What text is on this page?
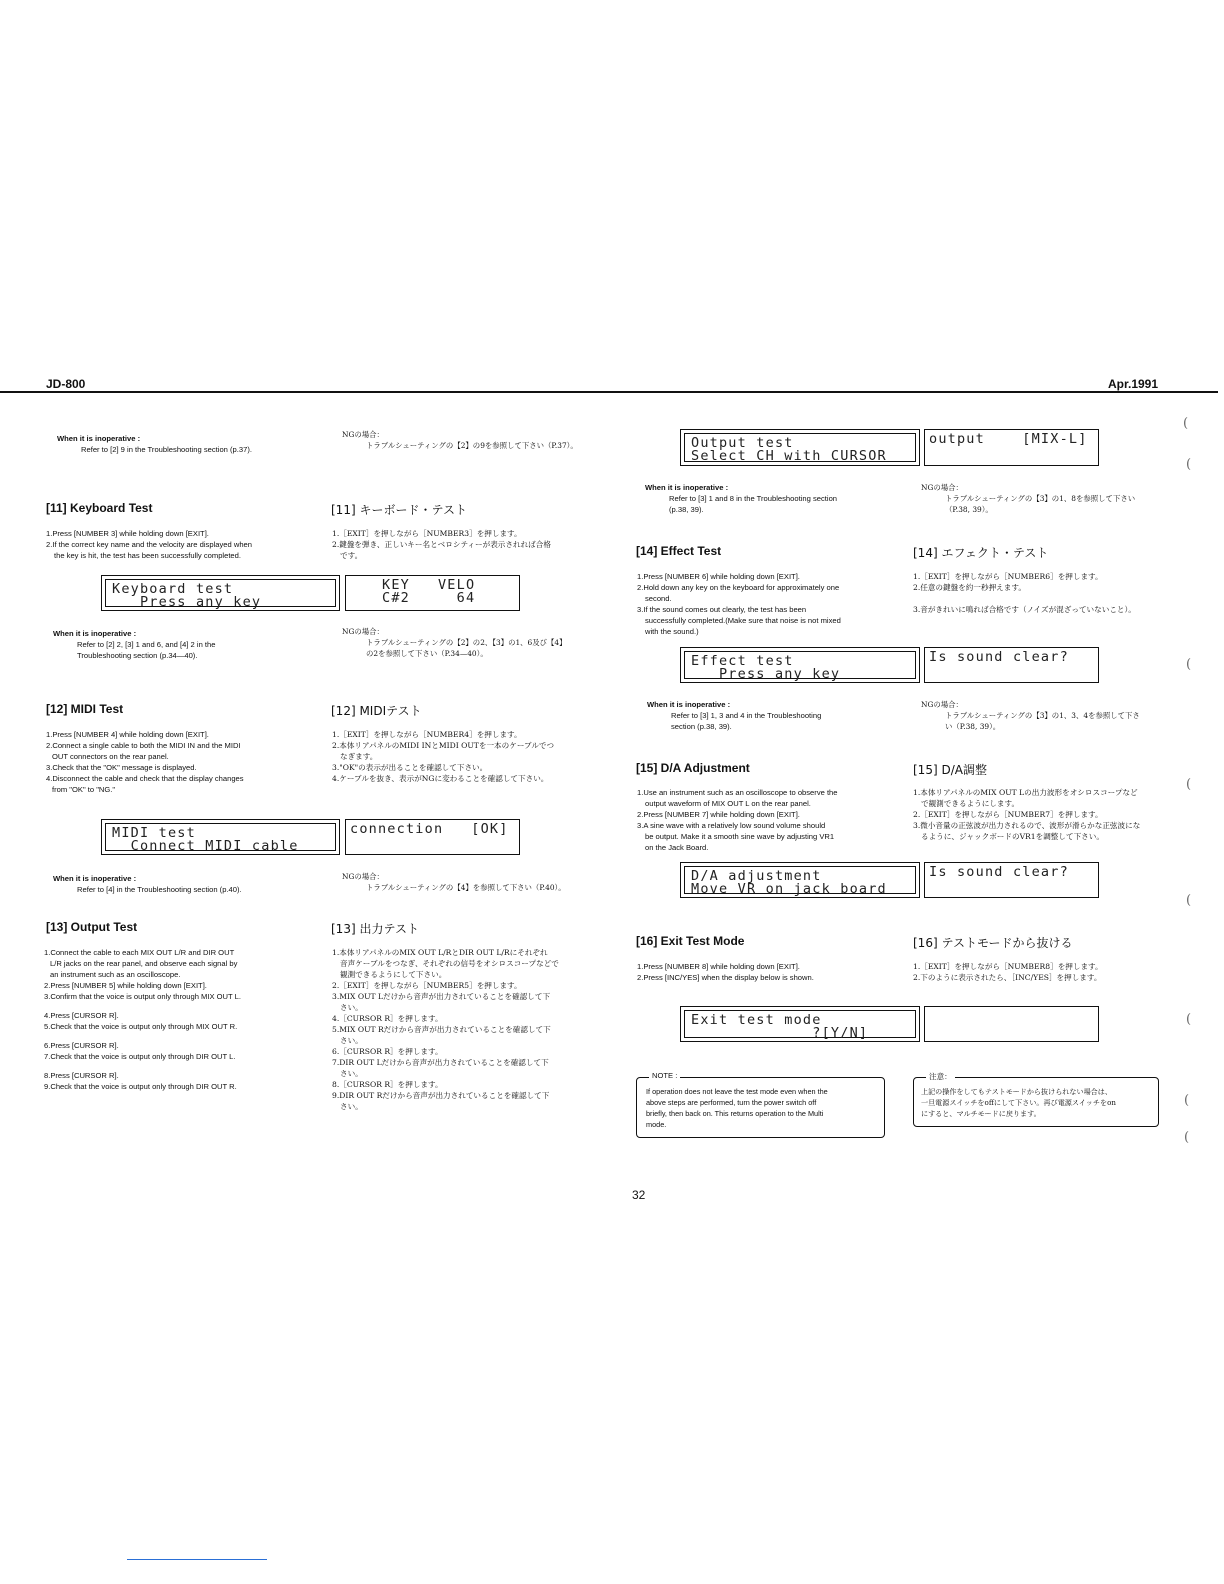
JD-800	Apr.1991
When it is inoperative :
Refer to [2] 9 in the Troubleshooting section (p.37).
NGの場合：
トラブルシューティングの【2】の9を参照して下さい（P.37）。
[11] Keyboard Test	[11] キーボード・テスト
1.Press [NUMBER 3] while holding down [EXIT].
2.If the correct key name and the velocity are displayed when
the key is hit, the test has been successfully completed.
1.［EXIT］を押しながら［NUMBER3］を押します。
2.鍵盤を弾き、正しいキー名とベロシティーが表示されれば合格
です。
Keyboard test
Press any key
KEY   VELO
C#2     64
When it is inoperative :
Refer to [2] 2, [3] 1 and 6, and [4] 2 in the
Troubleshooting section (p.34—40).
NGの場合：
トラブルシューティングの【2】の2、【3】の1、6及び【4】
の2を参照して下さい（P.34—40）。
[12] MIDI Test	[12] MIDIテスト
1.Press [NUMBER 4] while holding down [EXIT].
2.Connect a single cable to both the MIDI IN and the MIDI
OUT connectors on the rear panel.
3.Check that the "OK" message is displayed.
4.Disconnect the cable and check that the display changes
from "OK" to "NG."
1.［EXIT］を押しながら［NUMBER4］を押します。
2.本体リアパネルのMIDI INとMIDI OUTを一本のケーブルでつ
なぎます。
3."OK"の表示が出ることを確認して下さい。
4.ケーブルを抜き、表示がNGに変わることを確認して下さい。
MIDI test
Connect MIDI cable
connection   [OK]

When it is inoperative :
Refer to [4] in the Troubleshooting section (p.40).
NGの場合：
トラブルシューティングの【4】を参照して下さい（P.40）。
[13] Output Test	[13] 出力テスト
1.Connect the cable to each MIX OUT L/R and DIR OUT
L/R jacks on the rear panel, and observe each signal by
an instrument such as an oscilloscope.
2.Press [NUMBER 5] while holding down [EXIT].
3.Confirm that the voice is output only through MIX OUT L.
4.Press [CURSOR R].
5.Check that the voice is output only through MIX OUT R.
6.Press [CURSOR R].
7.Check that the voice is output only through DIR OUT L.
8.Press [CURSOR R].
9.Check that the voice is output only through DIR OUT R.
1.本体リアパネルのMIX OUT L/RとDIR OUT L/Rにそれぞれ
音声ケーブルをつなぎ、それぞれの信号をオシロスコープなどで
観測できるようにして下さい。
2.［EXIT］を押しながら［NUMBER5］を押します。
3.MIX OUT Lだけから音声が出力されていることを確認して下
さい。
4.［CURSOR R］を押します。
5.MIX OUT Rだけから音声が出力されていることを確認して下
さい。
6.［CURSOR R］を押します。
7.DIR OUT Lだけから音声が出力されていることを確認して下
さい。
8.［CURSOR R］を押します。
9.DIR OUT Rだけから音声が出力されていることを確認して下
さい。
Output test
Select CH with CURSOR
output    [MIX-L]

When it is inoperative :
Refer to [3] 1 and 8 in the Troubleshooting section
(p.38, 39).
NGの場合：
トラブルシューティングの【3】の1、8を参照して下さい
（P.38, 39）。
[14] Effect Test	[14] エフェクト・テスト
1.Press [NUMBER 6] while holding down [EXIT].
2.Hold down any key on the keyboard for approximately one
second.
3.If the sound comes out clearly, the test has been
successfully completed.(Make sure that noise is not mixed
with the sound.)
1.［EXIT］を押しながら［NUMBER6］を押します。
2.任意の鍵盤を約一秒押えます。
3.音がきれいに鳴れば合格です（ノイズが混ざっていないこと）。
Effect test
Press any key
Is sound clear?

When it is inoperative :
Refer to [3] 1, 3 and 4 in the Troubleshooting
section (p.38, 39).
NGの場合：
トラブルシューティングの【3】の1、3、4を参照して下さ
い（P.38, 39）。
[15] D/A Adjustment	[15] D/A調整
1.Use an instrument such as an oscilloscope to observe the
output waveform of MIX OUT L on the rear panel.
2.Press [NUMBER 7] while holding down [EXIT].
3.A sine wave with a relatively low sound volume should
be output. Make it a smooth sine wave by adjusting VR1
on the Jack Board.
1.本体リアパネルのMIX OUT Lの出力波形をオシロスコープなど
で観測できるようにします。
2.［EXIT］を押しながら［NUMBER7］を押します。
3.微小音量の正弦波が出力されるので、波形が滑らかな正弦波にな
るように、ジャックボードのVR1を調整して下さい。
D/A adjustment
Move VR on jack board
Is sound clear?

[16] Exit Test Mode	[16] テストモードから抜ける
1.Press [NUMBER 8] while holding down [EXIT].
2.Press [INC/YES] when the display below is shown.
1.［EXIT］を押しながら［NUMBER8］を押します。
2.下のように表示されたら、［INC/YES］を押します。
Exit test mode
?[Y/N]

NOTE :
If operation does not leave the test mode even when the
above steps are performed, turn the power switch off
briefly, then back on. This returns operation to the Multi
mode.
注意：
上記の操作をしてもテストモードから抜けられない場合は、
一旦電源スイッチをoffにして下さい。再び電源スイッチをon
にすると、マルチモードに戻ります。
32
(
(
(
(
(
(
(
(
